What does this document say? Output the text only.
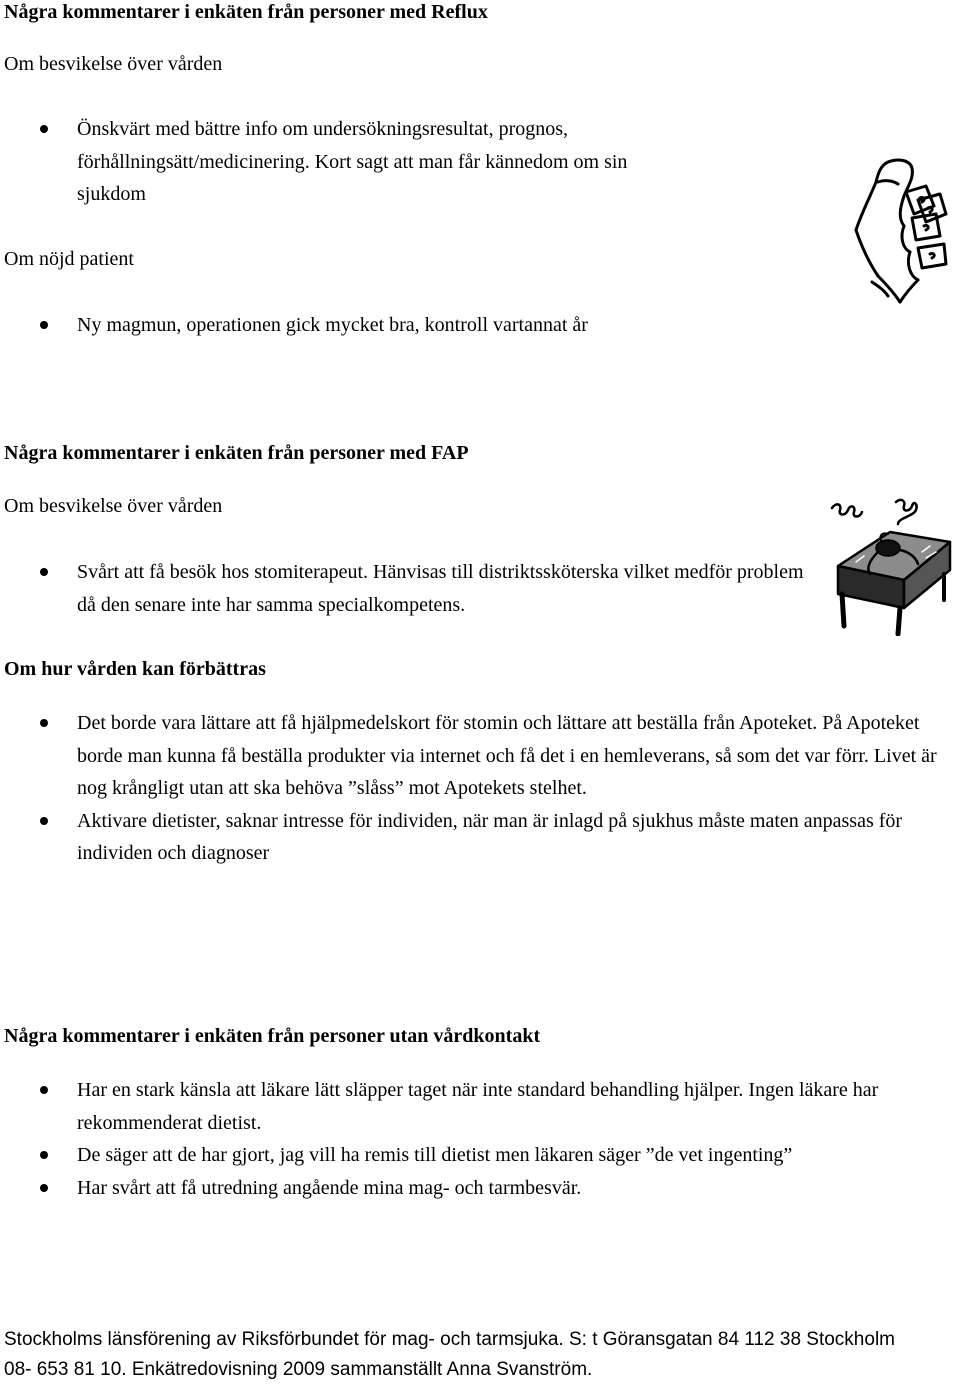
Några kommentarer i enkäten från personer med Reflux
Om besvikelse över vården
Önskvärt med bättre info om undersökningsresultat, prognos, förhållningsätt/medicinering. Kort sagt att man får kännedom om sin sjukdom
Om nöjd patient
Ny magmun, operationen gick mycket bra, kontroll vartannat år
Några kommentarer i enkäten från personer med FAP
Om besvikelse över vården
Svårt att få besök hos stomiterapeut. Hänvisas till distriktssköterska vilket medför problem då den senare inte har samma specialkompetens.
Om hur vården kan förbättras
Det borde vara lättare att få hjälpmedelskort för stomin och lättare att beställa från Apoteket. På Apoteket borde man kunna få beställa produkter via internet och få det i en hemleverans, så som det var förr. Livet är nog krångligt utan att ska behöva ”slåss” mot Apotekets stelhet.
Aktivare dietister, saknar intresse för individen, när man är inlagd på sjukhus måste maten anpassas för individen och diagnoser
Några kommentarer i enkäten från personer utan vårdkontakt
Har en stark känsla att läkare lätt släpper taget när inte standard behandling hjälper. Ingen läkare har rekommenderat dietist.
De säger att de har gjort, jag vill ha remis till dietist men läkaren säger ”de vet ingenting”
Har svårt att få utredning angående mina mag- och tarmbesvär.
Stockholms länsförening av Riksförbundet för mag- och tarmsjuka. S: t Göransgatan 84 112 38 Stockholm
08- 653 81 10. Enkätredovisning 2009 sammanställt Anna Svanström.
